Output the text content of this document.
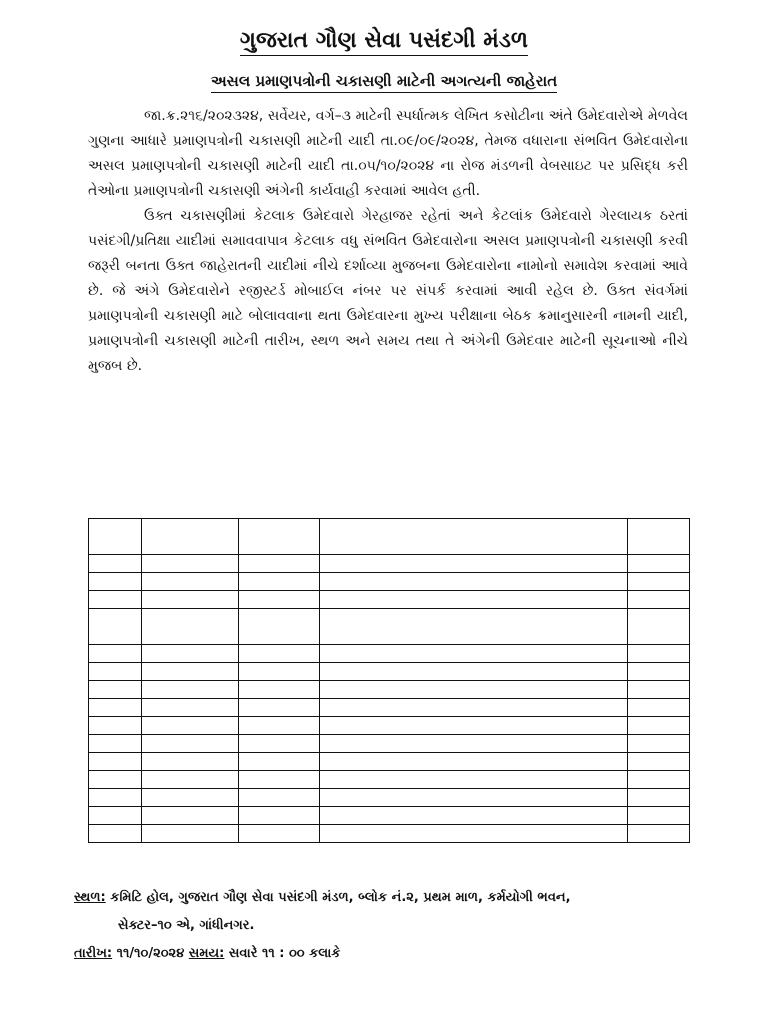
ગુજરાત ગૌણ સેવા પસંદગી મંડળ
અસલ પ્રમાણપત્રોની ચકાસણી માટેની અગત્યની જાહેરાત

જા.ક્ર.૨૧૬/૨૦૨૩૨૪, સર્વેયર, વર્ગ–૩ માટેની સ્પર્ધાત્મક લેખિત કસોટીના અંતે ઉમેદવારોએ મેળવેલ ગુણના આધારે પ્રમાણપત્રોની ચકાસણી માટેની યાદી તા.૦૯/૦૯/૨૦૨૪, તેમજ વધારાના સંભવિત ઉમેદવારોના અસલ પ્રમાણપત્રોની ચકાસણી માટેની યાદી તા.૦૫/૧૦/૨૦૨૪ ના રોજ મંડળની વેબસાઇટ પર પ્રસિદ્ધ કરી તેઓના પ્રમાણપત્રોની ચકાસણી અંગેની કાર્યવાહી કરવામાં આવેલ હતી.

ઉક્ત ચકાસણીમાં કેટલાક ઉમેદવારો ગેરહાજર રહેતાં અને કેટલાંક ઉમેદવારો ગેરલાયક ઠરતાં પસંદગી/પ્રતિક્ષા યાદીમાં સમાવવાપાત્ર કેટલાક વધુ સંભવિત ઉમેદવારોના અસલ પ્રમાણપત્રોની ચકાસણી કરવી જરૂરી બનતા ઉક્ત જાહેરાતની યાદીમાં નીચે દર્શાવ્યા મુજબના ઉમેદવારોના નામોનો સમાવેશ કરવામાં આવે છે. જે અંગે ઉમેદવારોને રજીસ્ટર્ડ મોબાઈલ નંબર પર સંપર્ક કરવામાં આવી રહેલ છે. ઉક્ત સંવર્ગમાં પ્રમાણપત્રોની ચકાસણી માટે બોલાવવાના થતા ઉમેદવારના મુખ્ય પરીક્ષાના બેઠક ક્રમાનુસારની નામની યાદી, પ્રમાણપત્રોની ચકાસણી માટેની તારીખ, સ્થળ અને સમય તથા તે અંગેની ઉમેદવાર માટેની સૂચનાઓ નીચે મુજબ છે.

સ્થળ: કમિટિ હોલ, ગુજરાત ગૌણ સેવા પસંદગી મંડળ, બ્લોક નં.૨, પ્રથમ માળ, કર્મયોગી ભવન,
સેક્ટર–૧૦ એ, ગાંધીનગર.
તારીખ: ૧૧/૧૦/૨૦૨૪ સમય: સવારે ૧૧ : ૦૦ કલાકે
